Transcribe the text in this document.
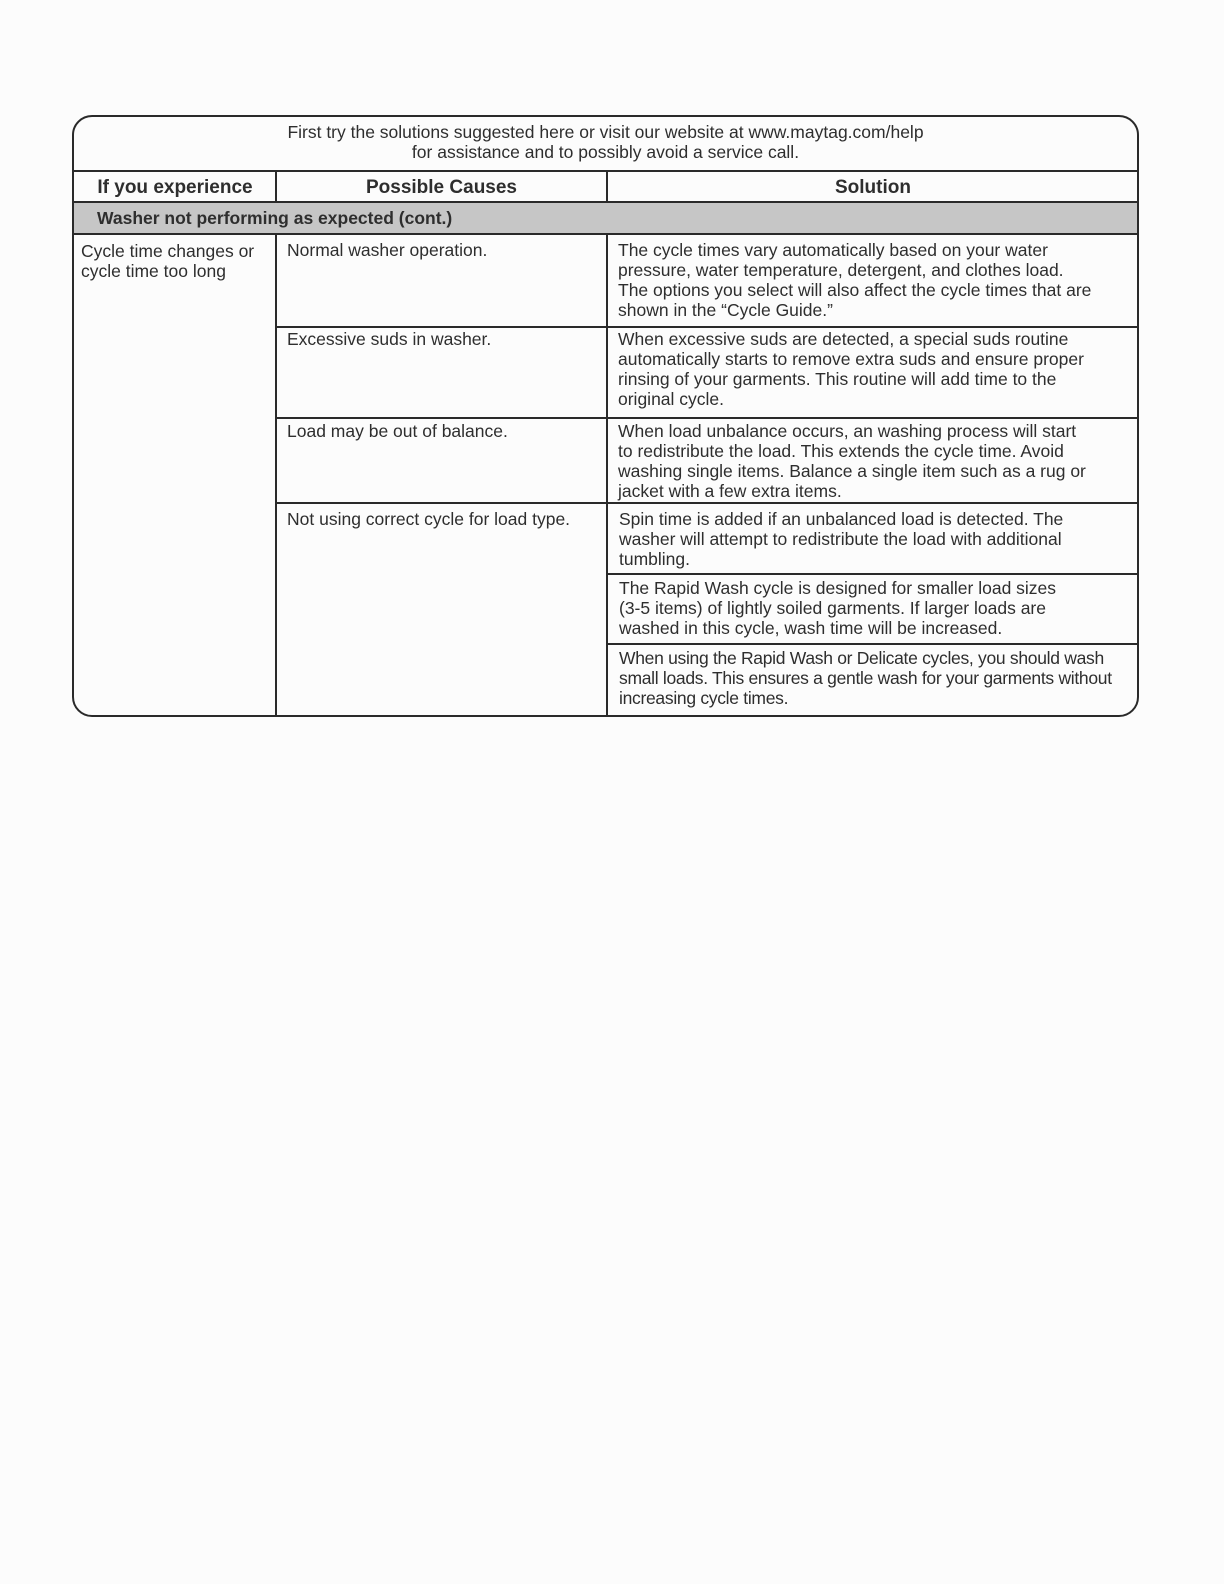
First try the solutions suggested here or visit our website at www.maytag.com/help
for assistance and to possibly avoid a service call.
If you experience	Possible Causes	Solution
Washer not performing as expected (cont.)
Cycle time changes or
cycle time too long
Normal washer operation.	The cycle times vary automatically based on your water
pressure, water temperature, detergent, and clothes load.
The options you select will also affect the cycle times that are
shown in the “Cycle Guide.”
Excessive suds in washer.	When excessive suds are detected, a special suds routine
automatically starts to remove extra suds and ensure proper
rinsing of your garments. This routine will add time to the
original cycle.
Load may be out of balance.	When load unbalance occurs, an washing process will start
to redistribute the load. This extends the cycle time. Avoid
washing single items. Balance a single item such as a rug or
jacket with a few extra items.
Not using correct cycle for load type.	Spin time is added if an unbalanced load is detected. The
washer will attempt to redistribute the load with additional
tumbling.
The Rapid Wash cycle is designed for smaller load sizes
(3-5 items) of lightly soiled garments. If larger loads are
washed in this cycle, wash time will be increased.
When using the Rapid Wash or Delicate cycles, you should wash
small loads. This ensures a gentle wash for your garments without
increasing cycle times.
